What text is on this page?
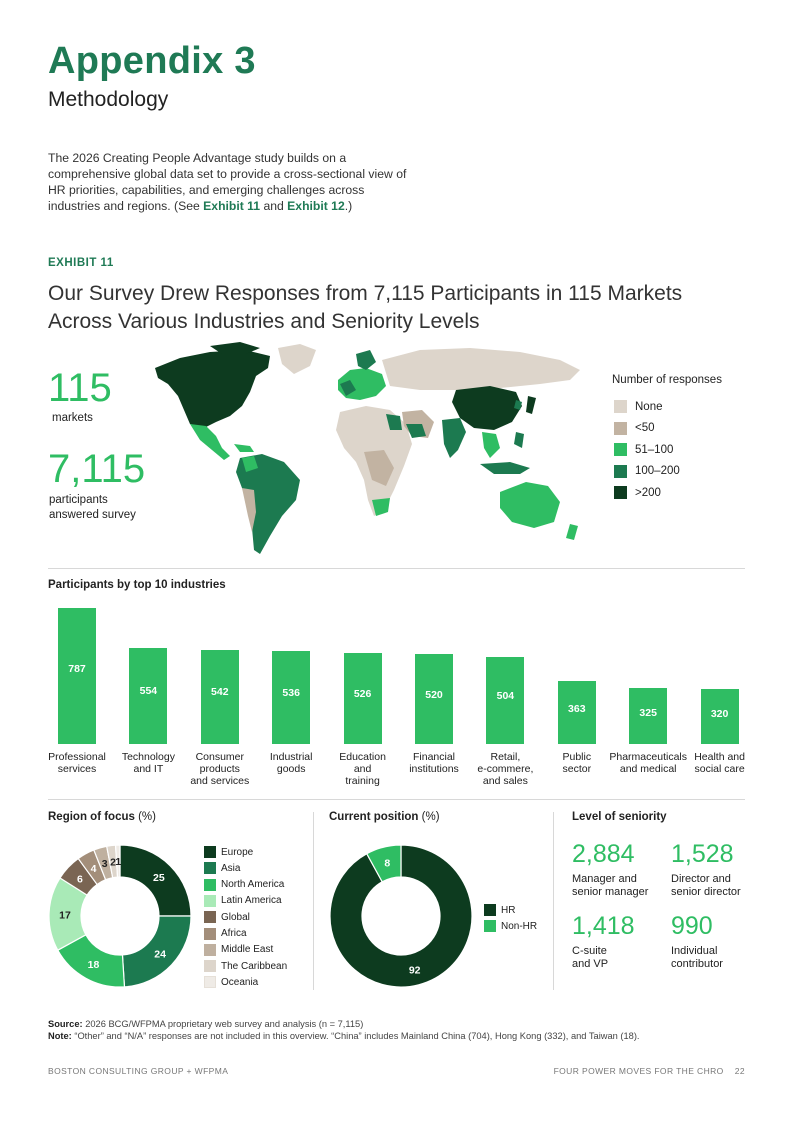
Appendix 3
Methodology
The 2026 Creating People Advantage study builds on a comprehensive global data set to provide a cross-sectional view of HR priorities, capabilities, and emerging challenges across industries and regions. (See Exhibit 11 and Exhibit 12.)
EXHIBIT 11
Our Survey Drew Responses from 7,115 Participants in 115 Markets Across Various Industries and Seniority Levels
115
markets
7,115
participants
answered survey
Number of responses
None
<50
51–100
100–200
>200
Participants by top 10 industries
787
Professional
services
554
Technology
and IT
542
Consumer
products
and services
536
Industrial
goods
526
Education
and
training
520
Financial
institutions
504
Retail,
e-commere,
and sales
363
Public
sector
325
Pharmaceuticals
and medical
320
Health and
social care
Region of focus (%)
25
24
18
17
6
4 3 2 1
Europe
Asia
North America
Latin America
Global
Africa
Middle East
The Caribbean
Oceania
Current position (%)
92
8
HR
Non-HR
Level of seniority
2,884
Manager and
senior manager
1,528
Director and
senior director
1,418
C-suite
and VP
990
Individual
contributor
Source: 2026 BCG/WFPMA proprietary web survey and analysis (n = 7,115)
Note: “Other” and “N/A” responses are not included in this overview. “China” includes Mainland China (704), Hong Kong (332), and Taiwan (18).
BOSTON CONSULTING GROUP + WFPMA	FOUR POWER MOVES FOR THE CHRO 22
